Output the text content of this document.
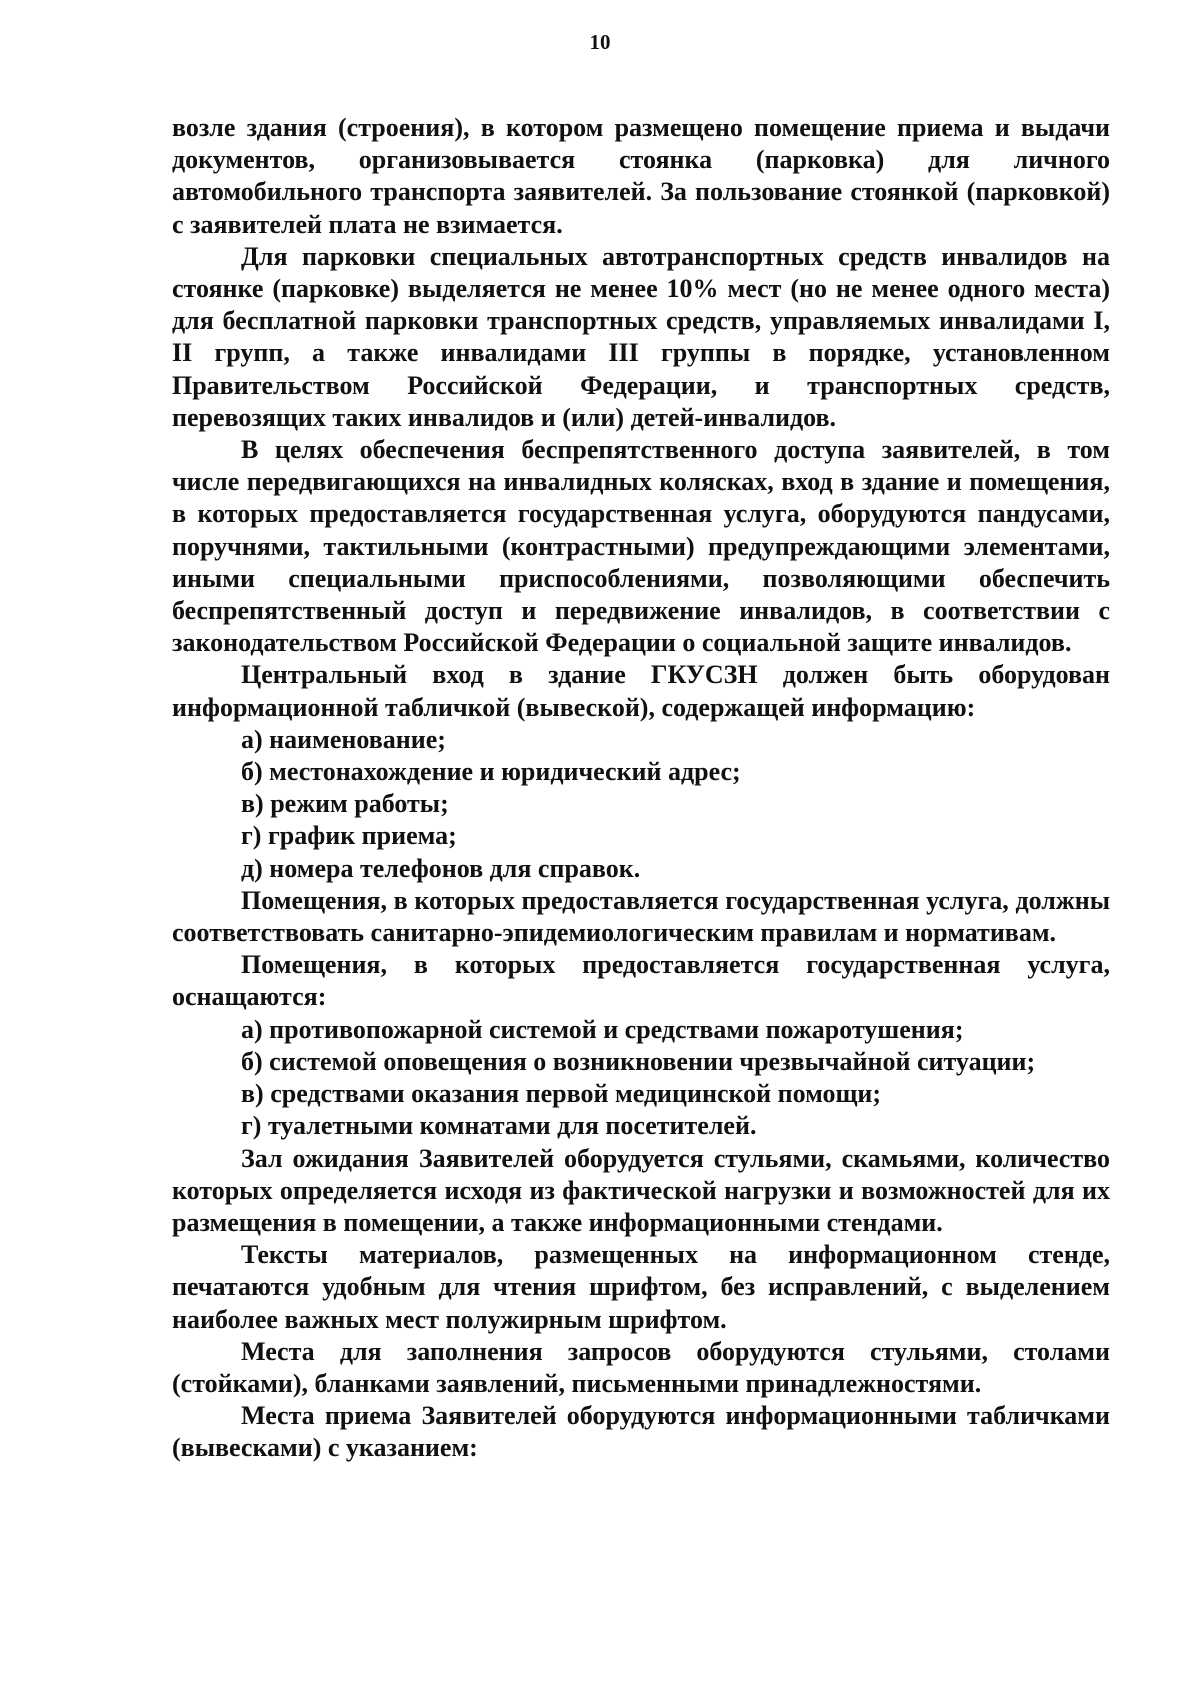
10

возле здания (строения), в котором размещено помещение приема и выдачи документов, организовывается стоянка (парковка) для личного автомобильного транспорта заявителей. За пользование стоянкой (парковкой) с заявителей плата не взимается.

Для парковки специальных автотранспортных средств инвалидов на стоянке (парковке) выделяется не менее 10% мест (но не менее одного места) для бесплатной парковки транспортных средств, управляемых инвалидами I, II групп, а также инвалидами III группы в порядке, установленном Правительством Российской Федерации, и транспортных средств, перевозящих таких инвалидов и (или) детей-инвалидов.

В целях обеспечения беспрепятственного доступа заявителей, в том числе передвигающихся на инвалидных колясках, вход в здание и помещения, в которых предоставляется государственная услуга, оборудуются пандусами, поручнями, тактильными (контрастными) предупреждающими элементами, иными специальными приспособлениями, позволяющими обеспечить беспрепятственный доступ и передвижение инвалидов, в соответствии с законодательством Российской Федерации о социальной защите инвалидов.

Центральный вход в здание ГКУСЗН должен быть оборудован информационной табличкой (вывеской), содержащей информацию:

а) наименование;

б) местонахождение и юридический адрес;

в) режим работы;

г) график приема;

д) номера телефонов для справок.

Помещения, в которых предоставляется государственная услуга, должны соответствовать санитарно-эпидемиологическим правилам и нормативам.

Помещения, в которых предоставляется государственная услуга, оснащаются:

а) противопожарной системой и средствами пожаротушения;

б) системой оповещения о возникновении чрезвычайной ситуации;

в) средствами оказания первой медицинской помощи;

г) туалетными комнатами для посетителей.

Зал ожидания Заявителей оборудуется стульями, скамьями, количество которых определяется исходя из фактической нагрузки и возможностей для их размещения в помещении, а также информационными стендами.

Тексты материалов, размещенных на информационном стенде, печатаются удобным для чтения шрифтом, без исправлений, с выделением наиболее важных мест полужирным шрифтом.

Места для заполнения запросов оборудуются стульями, столами (стойками), бланками заявлений, письменными принадлежностями.

Места приема Заявителей оборудуются информационными табличками (вывесками) с указанием:
